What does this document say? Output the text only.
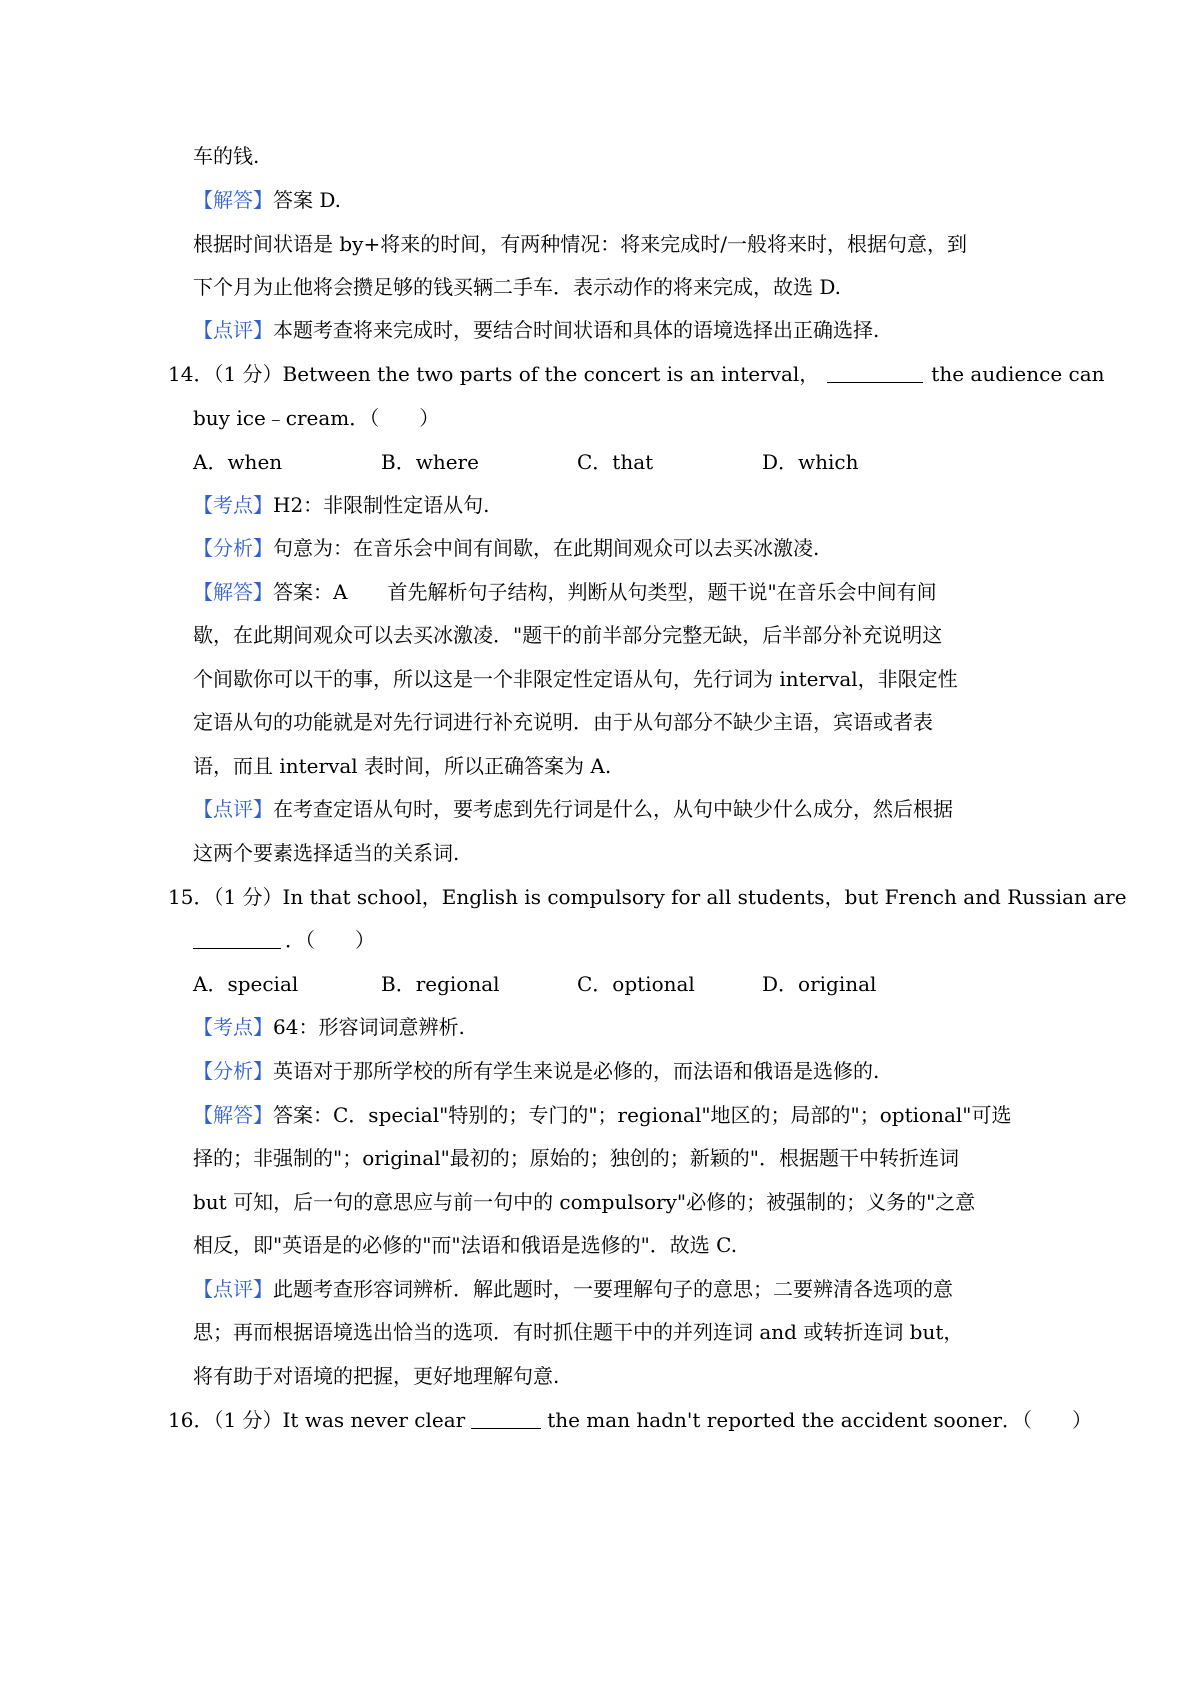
车的钱.
【解答】答案 D.
根据时间状语是 by+将来的时间，有两种情况：将来完成时/一般将来时，根据句意，到
下个月为止他将会攒足够的钱买辆二手车．表示动作的将来完成，故选 D.
【点评】本题考查将来完成时，要结合时间状语和具体的语境选择出正确选择.
14．（1 分）Between the two parts of the concert is an interval，	the audience can
buy ice﹣cream．（　　）
A．when	B．where	C．that	D．which
【考点】H2：非限制性定语从句.
【分析】句意为：在音乐会中间有间歇，在此期间观众可以去买冰激凌.
【解答】答案：A　　首先解析句子结构，判断从句类型，题干说"在音乐会中间有间
歇，在此期间观众可以去买冰激凌．"题干的前半部分完整无缺，后半部分补充说明这
个间歇你可以干的事，所以这是一个非限定性定语从句，先行词为 interval，非限定性
定语从句的功能就是对先行词进行补充说明．由于从句部分不缺少主语，宾语或者表
语，而且 interval 表时间，所以正确答案为 A.
【点评】在考查定语从句时，要考虑到先行词是什么，从句中缺少什么成分，然后根据
这两个要素选择适当的关系词.
15．（1 分）In that school，English is compulsory for all students，but French and Russian are
．（　　）
A．special	B．regional	C．optional	D．original
【考点】64：形容词词意辨析.
【分析】英语对于那所学校的所有学生来说是必修的，而法语和俄语是选修的.
【解答】答案：C．special"特别的；专门的"；regional"地区的；局部的"；optional"可选
择的；非强制的"；original"最初的；原始的；独创的；新颖的"．根据题干中转折连词
but 可知，后一句的意思应与前一句中的 compulsory"必修的；被强制的；义务的"之意
相反，即"英语是的必修的"而"法语和俄语是选修的"．故选 C.
【点评】此题考查形容词辨析．解此题时，一要理解句子的意思；二要辨清各选项的意
思；再而根据语境选出恰当的选项．有时抓住题干中的并列连词 and 或转折连词 but，
将有助于对语境的把握，更好地理解句意.
16．（1 分）It was never clear	the man hadn't reported the accident sooner．（　　）
